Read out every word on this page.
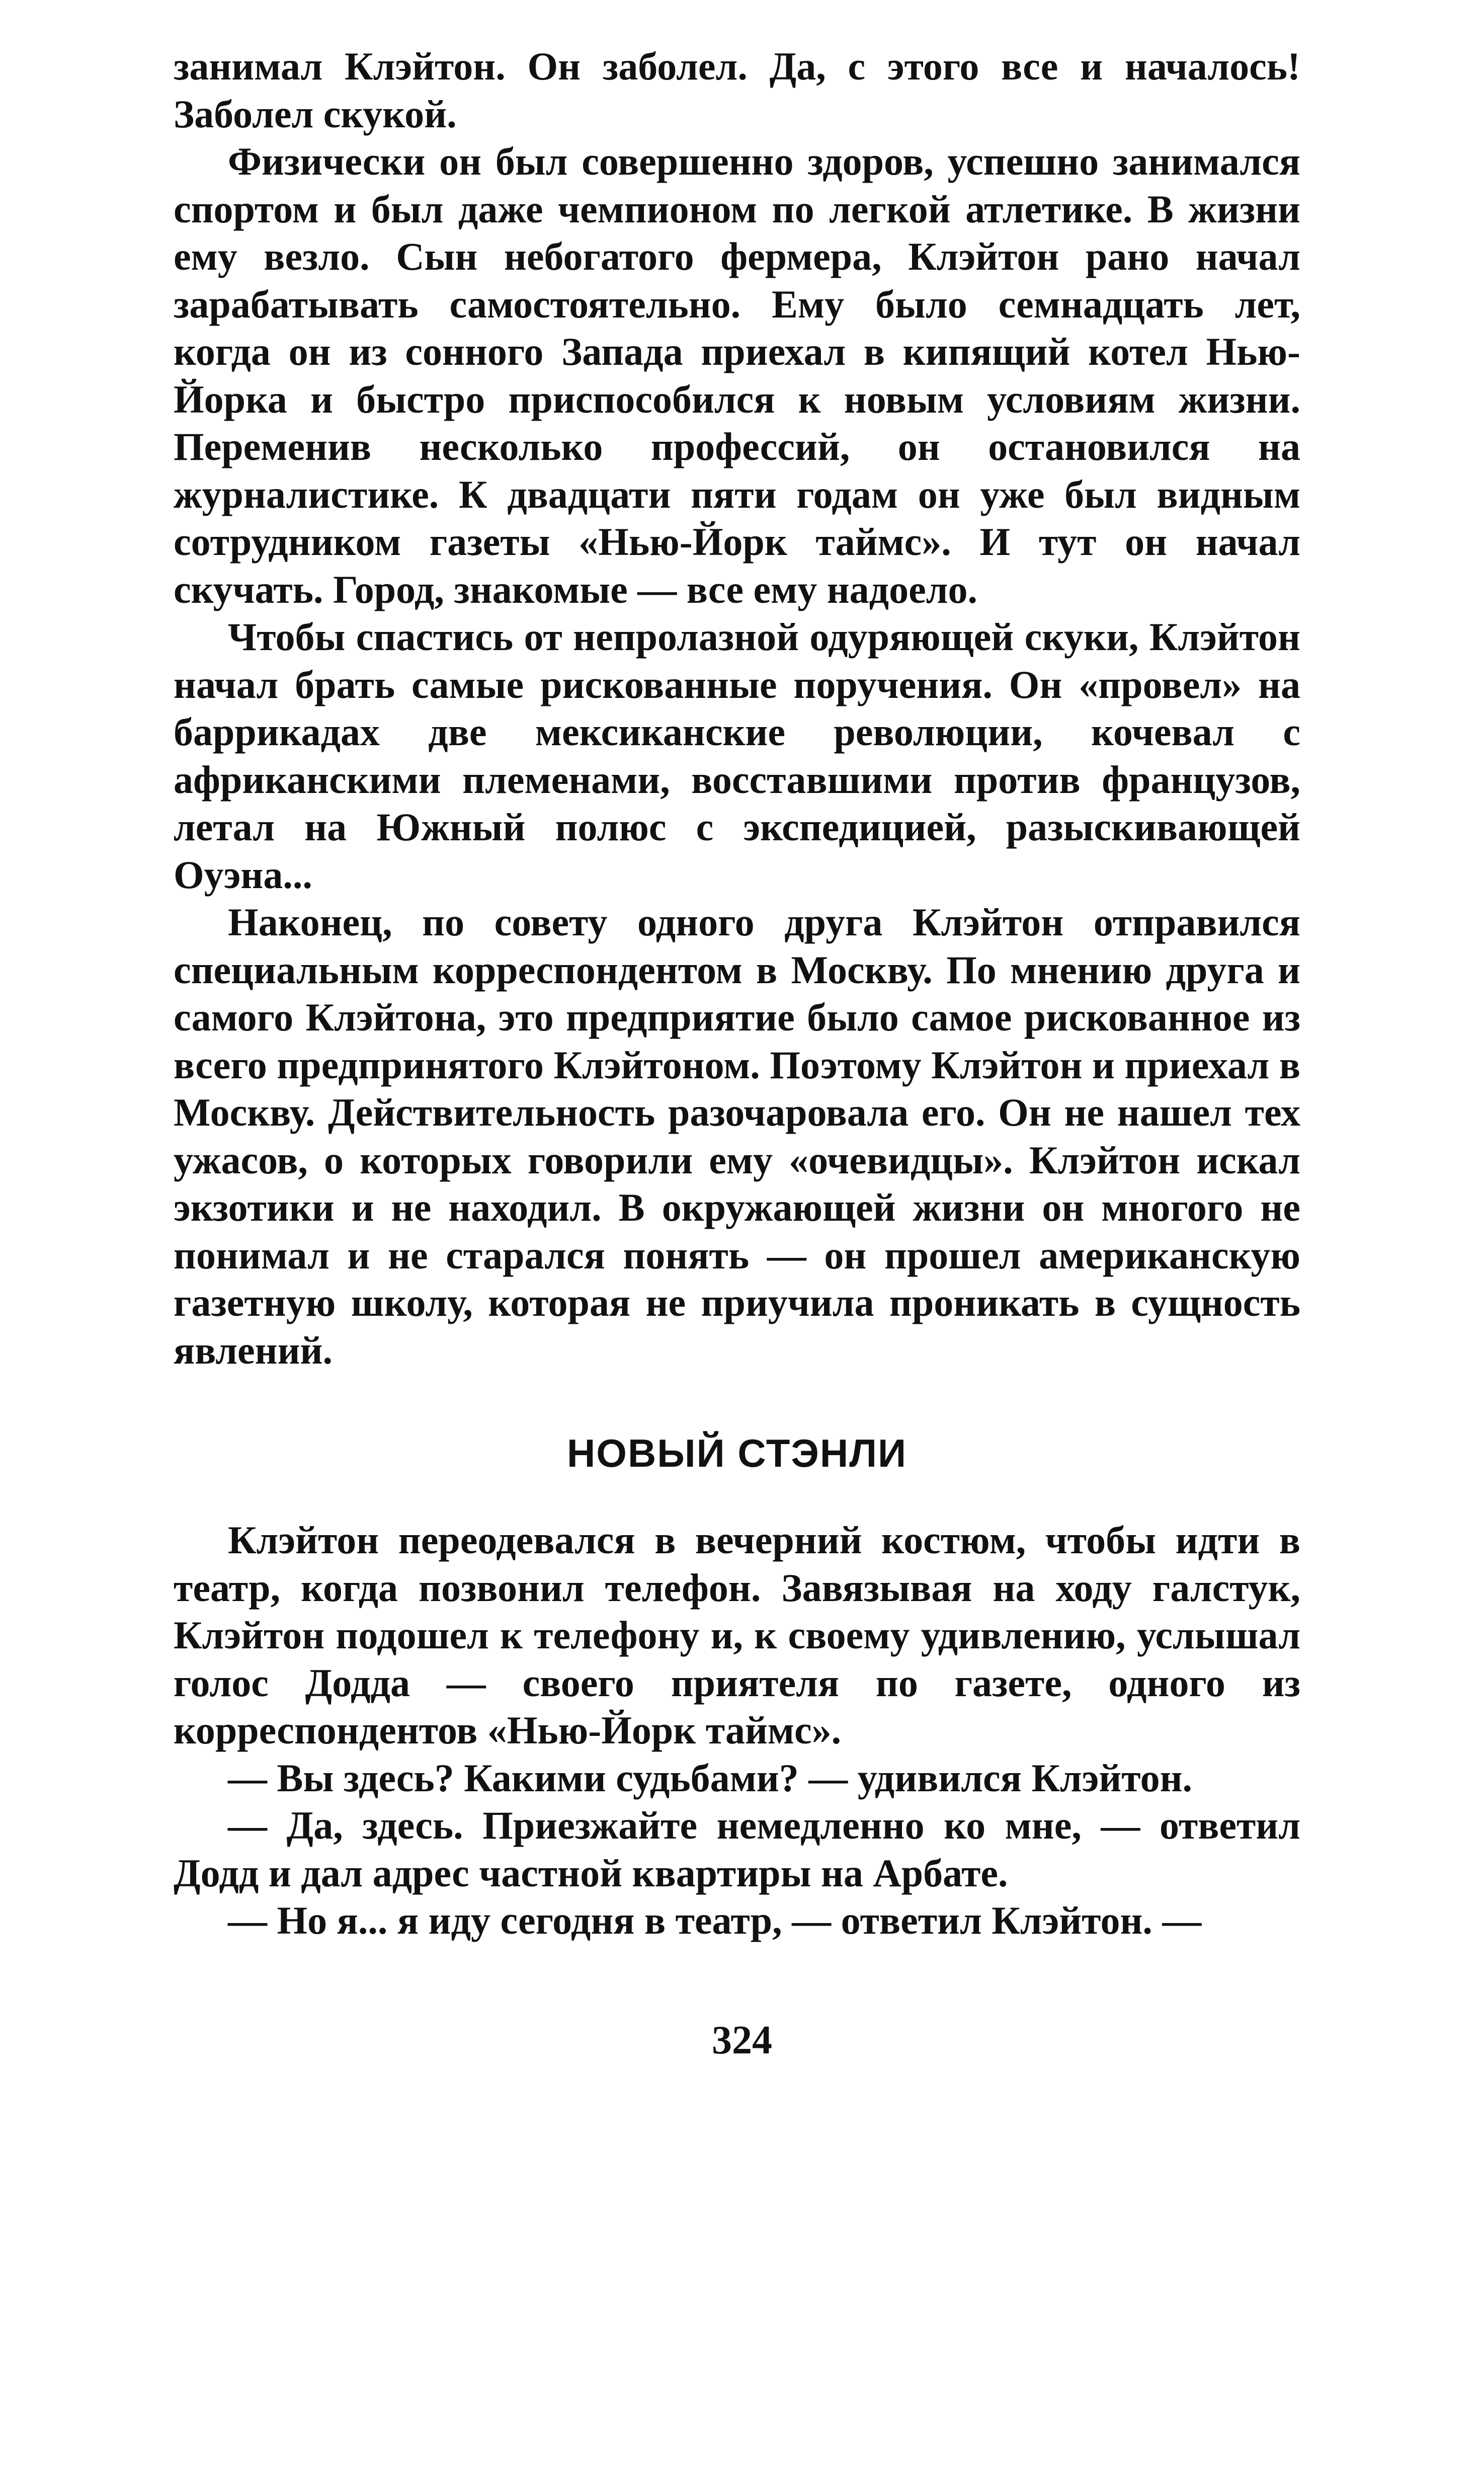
занимал Клэйтон. Он заболел. Да, с этого все и началось! Заболел скукой.

Физически он был совершенно здоров, успешно занимался спортом и был даже чемпионом по легкой атлетике. В жизни ему везло. Сын небогатого фермера, Клэйтон рано начал зарабатывать самостоятельно. Ему было семнадцать лет, когда он из сонного Запада приехал в кипящий котел Нью-Йорка и быстро приспособился к новым условиям жизни. Переменив несколько профессий, он остановился на журналистике. К двадцати пяти годам он уже был видным сотрудником газеты «Нью-Йорк таймс». И тут он начал скучать. Город, знакомые — все ему надоело.

Чтобы спастись от непролазной одуряющей скуки, Клэйтон начал брать самые рискованные поручения. Он «провел» на баррикадах две мексиканские революции, кочевал с африканскими племенами, восставшими против французов, летал на Южный полюс с экспедицией, разыскивающей Оуэна...

Наконец, по совету одного друга Клэйтон отправился специальным корреспондентом в Москву. По мнению друга и самого Клэйтона, это предприятие было самое рискованное из всего предпринятого Клэйтоном. Поэтому Клэйтон и приехал в Москву. Действительность разочаровала его. Он не нашел тех ужасов, о которых говорили ему «очевидцы». Клэйтон искал экзотики и не находил. В окружающей жизни он многого не понимал и не старался понять — он прошел американскую газетную школу, которая не приучила проникать в сущность явлений.

НОВЫЙ СТЭНЛИ

Клэйтон переодевался в вечерний костюм, чтобы идти в театр, когда позвонил телефон. Завязывая на ходу галстук, Клэйтон подошел к телефону и, к своему удивлению, услышал голос Додда — своего приятеля по газете, одного из корреспондентов «Нью-Йорк таймс».

— Вы здесь? Какими судьбами? — удивился Клэйтон.

— Да, здесь. Приезжайте немедленно ко мне, — ответил Додд и дал адрес частной квартиры на Арбате.

— Но я... я иду сегодня в театр, — ответил Клэйтон. —

324
